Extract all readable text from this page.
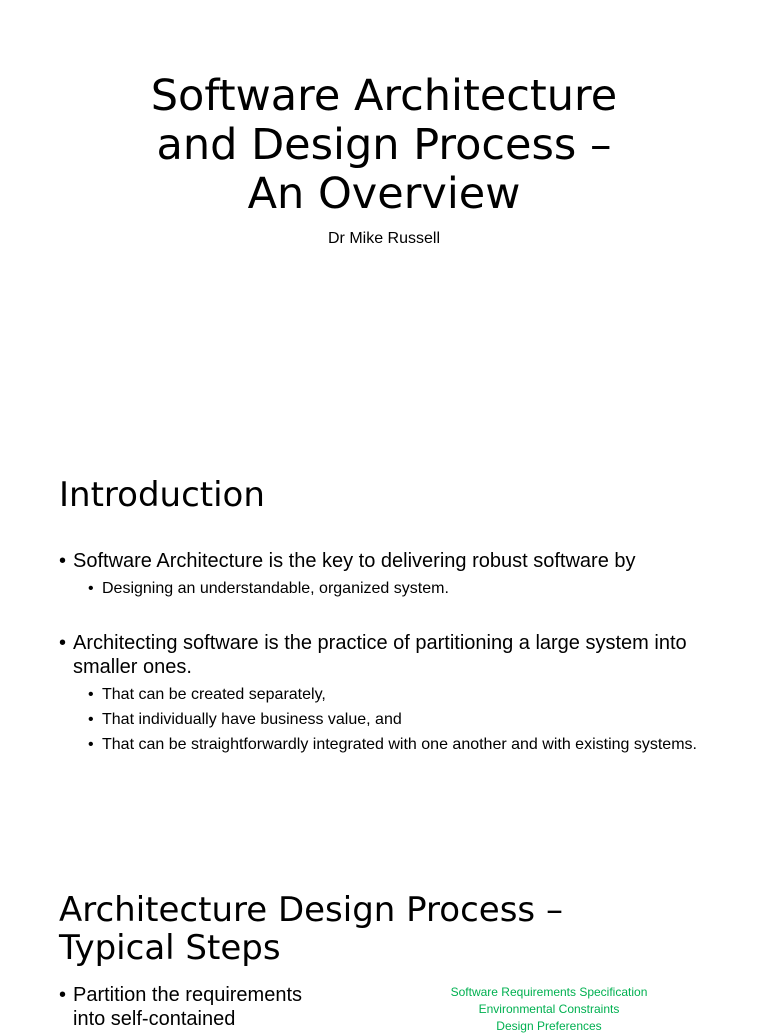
Software Architecture
and Design Process –
An Overview

Dr Mike Russell

Introduction
• Software Architecture is the key to delivering robust software by
• Designing an understandable, organized system.
• Architecting software is the practice of partitioning a large system into smaller ones.
• That can be created separately,
• That individually have business value, and
• That can be straightforwardly integrated with one another and with existing systems.
Architecture Design Process –
Typical Steps
• Partition the requirements into self-contained
Software Requirements Specification
Environmental Constraints
Design Preferences
